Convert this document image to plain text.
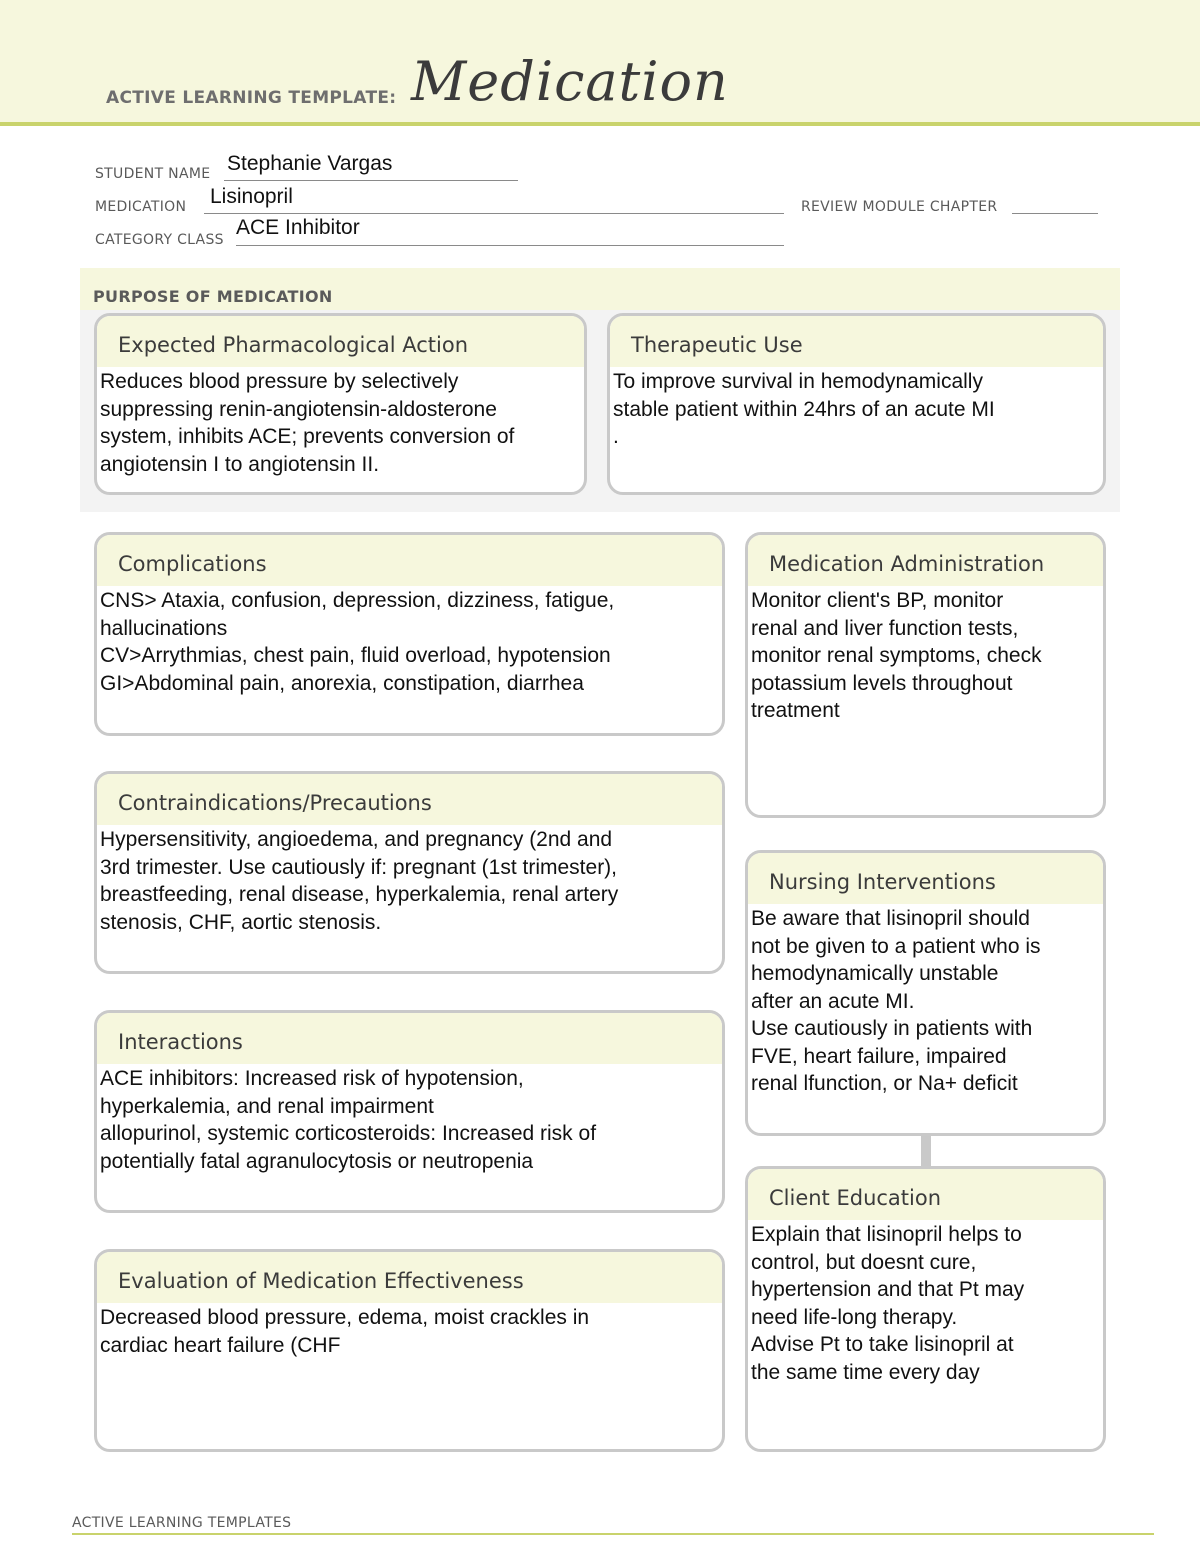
ACTIVE LEARNING TEMPLATE: Medication
STUDENT NAME Stephanie Vargas
MEDICATION Lisinopril	REVIEW MODULE CHAPTER
CATEGORY CLASS
ACE Inhibitor
PURPOSE OF MEDICATION
Expected Pharmacological Action
Reduces blood pressure by selectively
suppressing renin-angiotensin-aldosterone
system, inhibits ACE; prevents conversion of
angiotensin I to angiotensin II.
Therapeutic Use
To improve survival in hemodynamically
stable patient within 24hrs of an acute MI
.
Complications
CNS> Ataxia, confusion, depression, dizziness, fatigue,
hallucinations
CV>Arrythmias, chest pain, fluid overload, hypotension
GI>Abdominal pain, anorexia, constipation, diarrhea
Contraindications/Precautions
Hypersensitivity, angioedema, and pregnancy (2nd and
3rd trimester. Use cautiously if: pregnant (1st trimester),
breastfeeding, renal disease, hyperkalemia, renal artery
stenosis, CHF, aortic stenosis.
Interactions
ACE inhibitors: Increased risk of hypotension,
hyperkalemia, and renal impairment
allopurinol, systemic corticosteroids: Increased risk of
potentially fatal agranulocytosis or neutropenia
Evaluation of Medication Effectiveness
Decreased blood pressure, edema, moist crackles in
cardiac heart failure (CHF
Medication Administration
Monitor client's BP, monitor
renal and liver function tests,
monitor renal symptoms, check
potassium levels throughout
treatment
Nursing Interventions
Be aware that lisinopril should
not be given to a patient who is
hemodynamically unstable
after an acute MI.
Use cautiously in patients with
FVE, heart failure, impaired
renal lfunction, or Na+ deficit
Client Education
Explain that lisinopril helps to
control, but doesnt cure,
hypertension and that Pt may
need life-long therapy.
Advise Pt to take lisinopril at
the same time every day
ACTIVE LEARNING TEMPLATES
